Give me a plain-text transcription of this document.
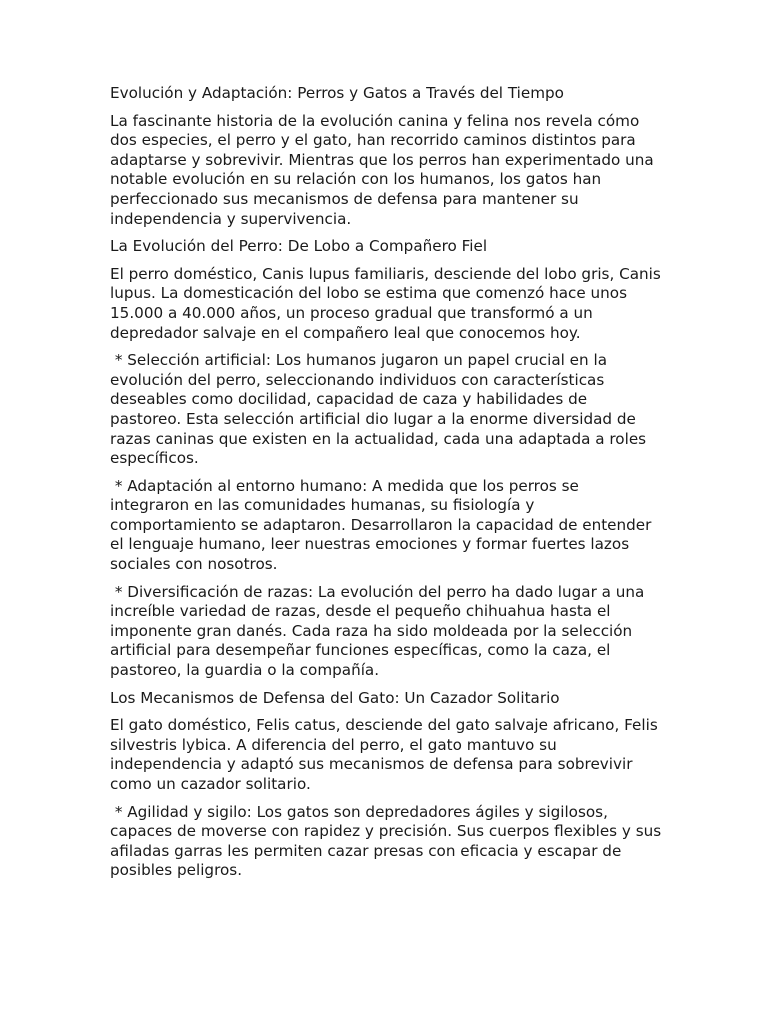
Evolución y Adaptación: Perros y Gatos a Través del Tiempo

La fascinante historia de la evolución canina y felina nos revela cómo dos especies, el perro y el gato, han recorrido caminos distintos para adaptarse y sobrevivir. Mientras que los perros han experimentado una notable evolución en su relación con los humanos, los gatos han perfeccionado sus mecanismos de defensa para mantener su independencia y supervivencia.

La Evolución del Perro: De Lobo a Compañero Fiel

El perro doméstico, Canis lupus familiaris, desciende del lobo gris, Canis lupus. La domesticación del lobo se estima que comenzó hace unos 15.000 a 40.000 años, un proceso gradual que transformó a un depredador salvaje en el compañero leal que conocemos hoy.

* Selección artificial: Los humanos jugaron un papel crucial en la evolución del perro, seleccionando individuos con características deseables como docilidad, capacidad de caza y habilidades de pastoreo. Esta selección artificial dio lugar a la enorme diversidad de razas caninas que existen en la actualidad, cada una adaptada a roles específicos.

* Adaptación al entorno humano: A medida que los perros se integraron en las comunidades humanas, su fisiología y comportamiento se adaptaron. Desarrollaron la capacidad de entender el lenguaje humano, leer nuestras emociones y formar fuertes lazos sociales con nosotros.

* Diversificación de razas: La evolución del perro ha dado lugar a una increíble variedad de razas, desde el pequeño chihuahua hasta el imponente gran danés. Cada raza ha sido moldeada por la selección artificial para desempeñar funciones específicas, como la caza, el pastoreo, la guardia o la compañía.

Los Mecanismos de Defensa del Gato: Un Cazador Solitario

El gato doméstico, Felis catus, desciende del gato salvaje africano, Felis silvestris lybica. A diferencia del perro, el gato mantuvo su independencia y adaptó sus mecanismos de defensa para sobrevivir como un cazador solitario.

* Agilidad y sigilo: Los gatos son depredadores ágiles y sigilosos, capaces de moverse con rapidez y precisión. Sus cuerpos flexibles y sus afiladas garras les permiten cazar presas con eficacia y escapar de posibles peligros.
